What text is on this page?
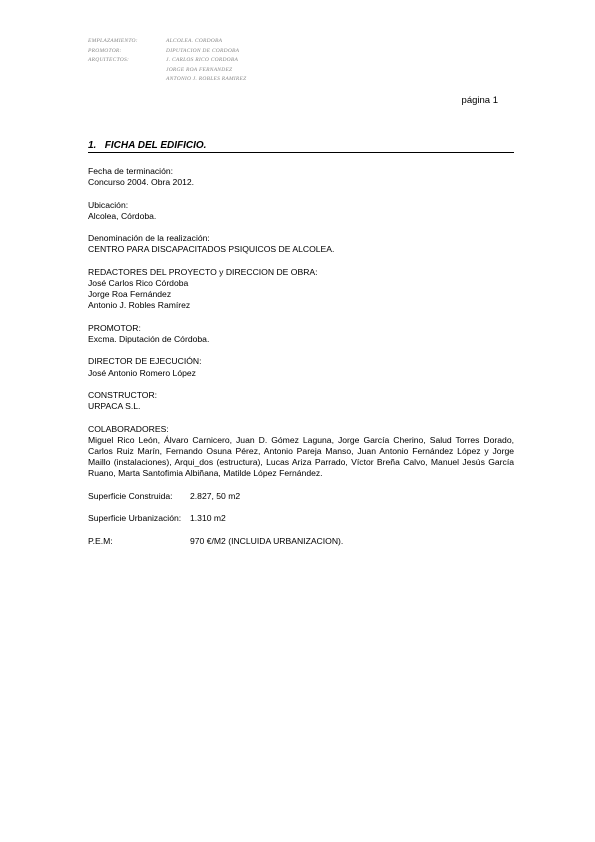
EMPLAZAMIENTO:	ALCOLEA. CORDOBA
PROMOTOR:	DIPUTACION DE CORDOBA
ARQUITECTOS:	J. CARLOS RICO CORDOBA
JORGE ROA FERNANDEZ
ANTONIO J. ROBLES RAMIREZ
página 1
1. FICHA DEL EDIFICIO.
Fecha de terminación:
Concurso 2004. Obra 2012.
Ubicación:
Alcolea, Córdoba.
Denominación de la realización:
CENTRO PARA DISCAPACITADOS PSIQUICOS DE ALCOLEA.
REDACTORES DEL PROYECTO y DIRECCION DE OBRA:
José Carlos Rico Córdoba
Jorge Roa Fernández
Antonio J. Robles Ramírez
PROMOTOR:
Excma. Diputación de Córdoba.
DIRECTOR DE EJECUCIÓN:
José Antonio Romero López
CONSTRUCTOR:
URPACA S.L.
COLABORADORES:

Miguel Rico León, Álvaro Carnicero, Juan D. Gómez Laguna, Jorge García Cherino, Salud Torres Dorado, Carlos Ruiz Marín, Fernando Osuna Pérez, Antonio Pareja Manso, Juan Antonio Fernández López y Jorge Maillo (instalaciones), Arqui_dos (estructura), Lucas Ariza Parrado, Víctor Breña Calvo, Manuel Jesús García Ruano, Marta Santofimia Albiñana, Matilde López Fernández.

Superficie Construida:	2.827, 50 m2
Superficie Urbanización:	1.310 m2
P.E.M:	970 €/M2 (INCLUIDA URBANIZACION).
